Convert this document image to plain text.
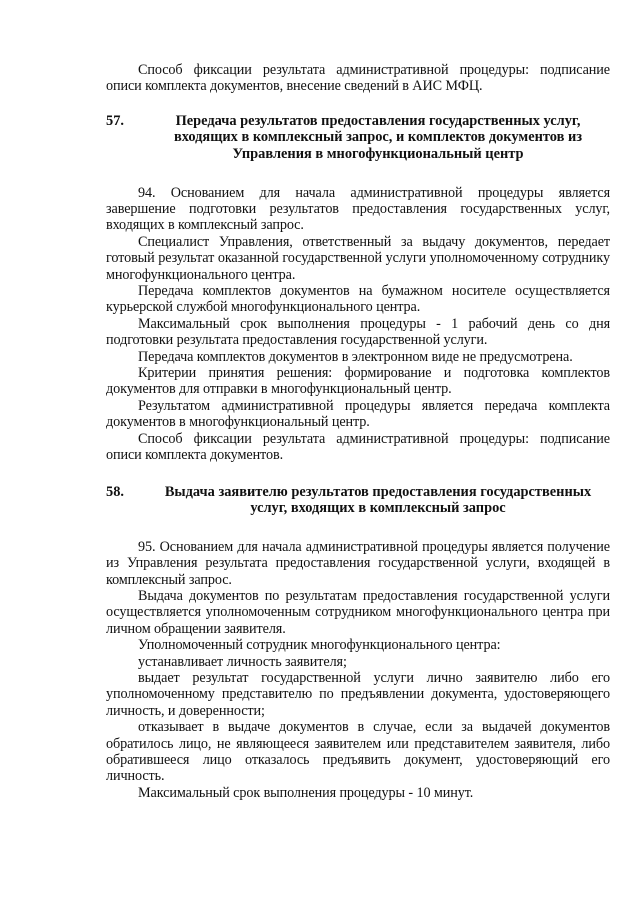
Способ фиксации результата административной процедуры: подписание описи комплекта документов, внесение сведений в АИС МФЦ.

57.	Передача результатов предоставления государственных услуг, входящих в комплексный запрос, и комплектов документов из Управления в многофункциональный центр

94. Основанием для начала административной процедуры является завершение подготовки результатов предоставления государственных услуг, входящих в комплексный запрос.

Специалист Управления, ответственный за выдачу документов, передает готовый результат оказанной государственной услуги уполномоченному сотруднику многофункционального центра.

Передача комплектов документов на бумажном носителе осуществляется курьерской службой многофункционального центра.

Максимальный срок выполнения процедуры - 1 рабочий день со дня подготовки результата предоставления государственной услуги.

Передача комплектов документов в электронном виде не предусмотрена.

Критерии принятия решения: формирование и подготовка комплектов документов для отправки в многофункциональный центр.

Результатом административной процедуры является передача комплекта документов в многофункциональный центр.

Способ фиксации результата административной процедуры: подписание описи комплекта документов.

58.	Выдача заявителю результатов предоставления государственных услуг, входящих в комплексный запрос

95. Основанием для начала административной процедуры является получение из Управления результата предоставления государственной услуги, входящей в комплексный запрос.

Выдача документов по результатам предоставления государственной услуги осуществляется уполномоченным сотрудником многофункционального центра при личном обращении заявителя.

Уполномоченный сотрудник многофункционального центра:

устанавливает личность заявителя;

выдает результат государственной услуги лично заявителю либо его уполномоченному представителю по предъявлении документа, удостоверяющего личность, и доверенности;

отказывает в выдаче документов в случае, если за выдачей документов обратилось лицо, не являющееся заявителем или представителем заявителя, либо обратившееся лицо отказалось предъявить документ, удостоверяющий его личность.

Максимальный срок выполнения процедуры - 10 минут.
